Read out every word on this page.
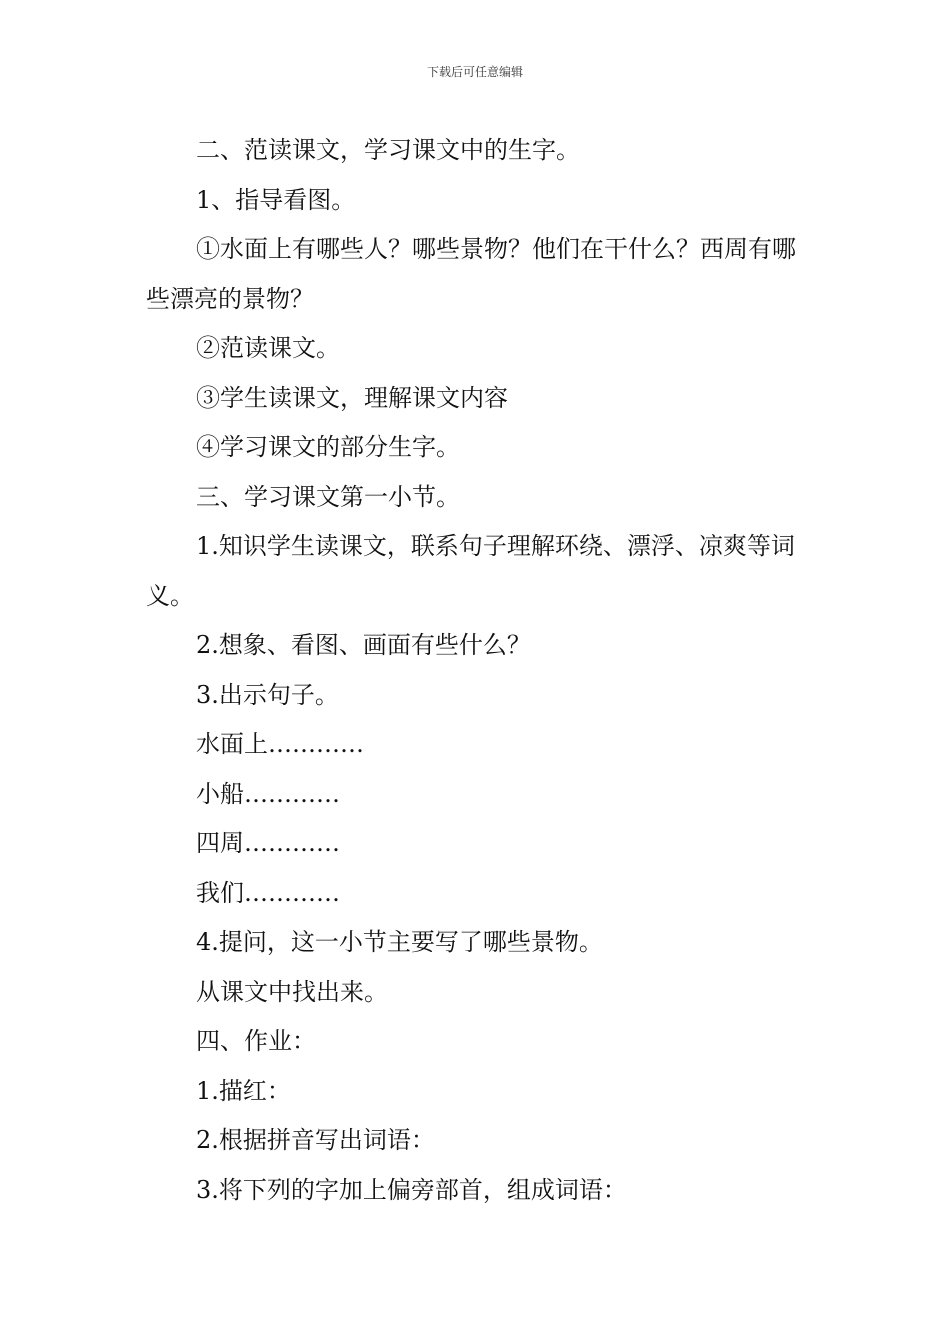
下载后可任意编辑

二、范读课文，学习课文中的生字。

1、指导看图。

①水面上有哪些人？哪些景物？他们在干什么？西周有哪些漂亮的景物？

②范读课文。

③学生读课文，理解课文内容

④学习课文的部分生字。

三、学习课文第一小节。

1.知识学生读课文，联系句子理解环绕、漂浮、凉爽等词义。

2.想象、看图、画面有些什么？

3.出示句子。

水面上…………

小船…………

四周…………

我们…………

4.提问，这一小节主要写了哪些景物。

从课文中找出来。

四、作业：

1.描红：

2.根据拼音写出词语：

3.将下列的字加上偏旁部首，组成词语：
